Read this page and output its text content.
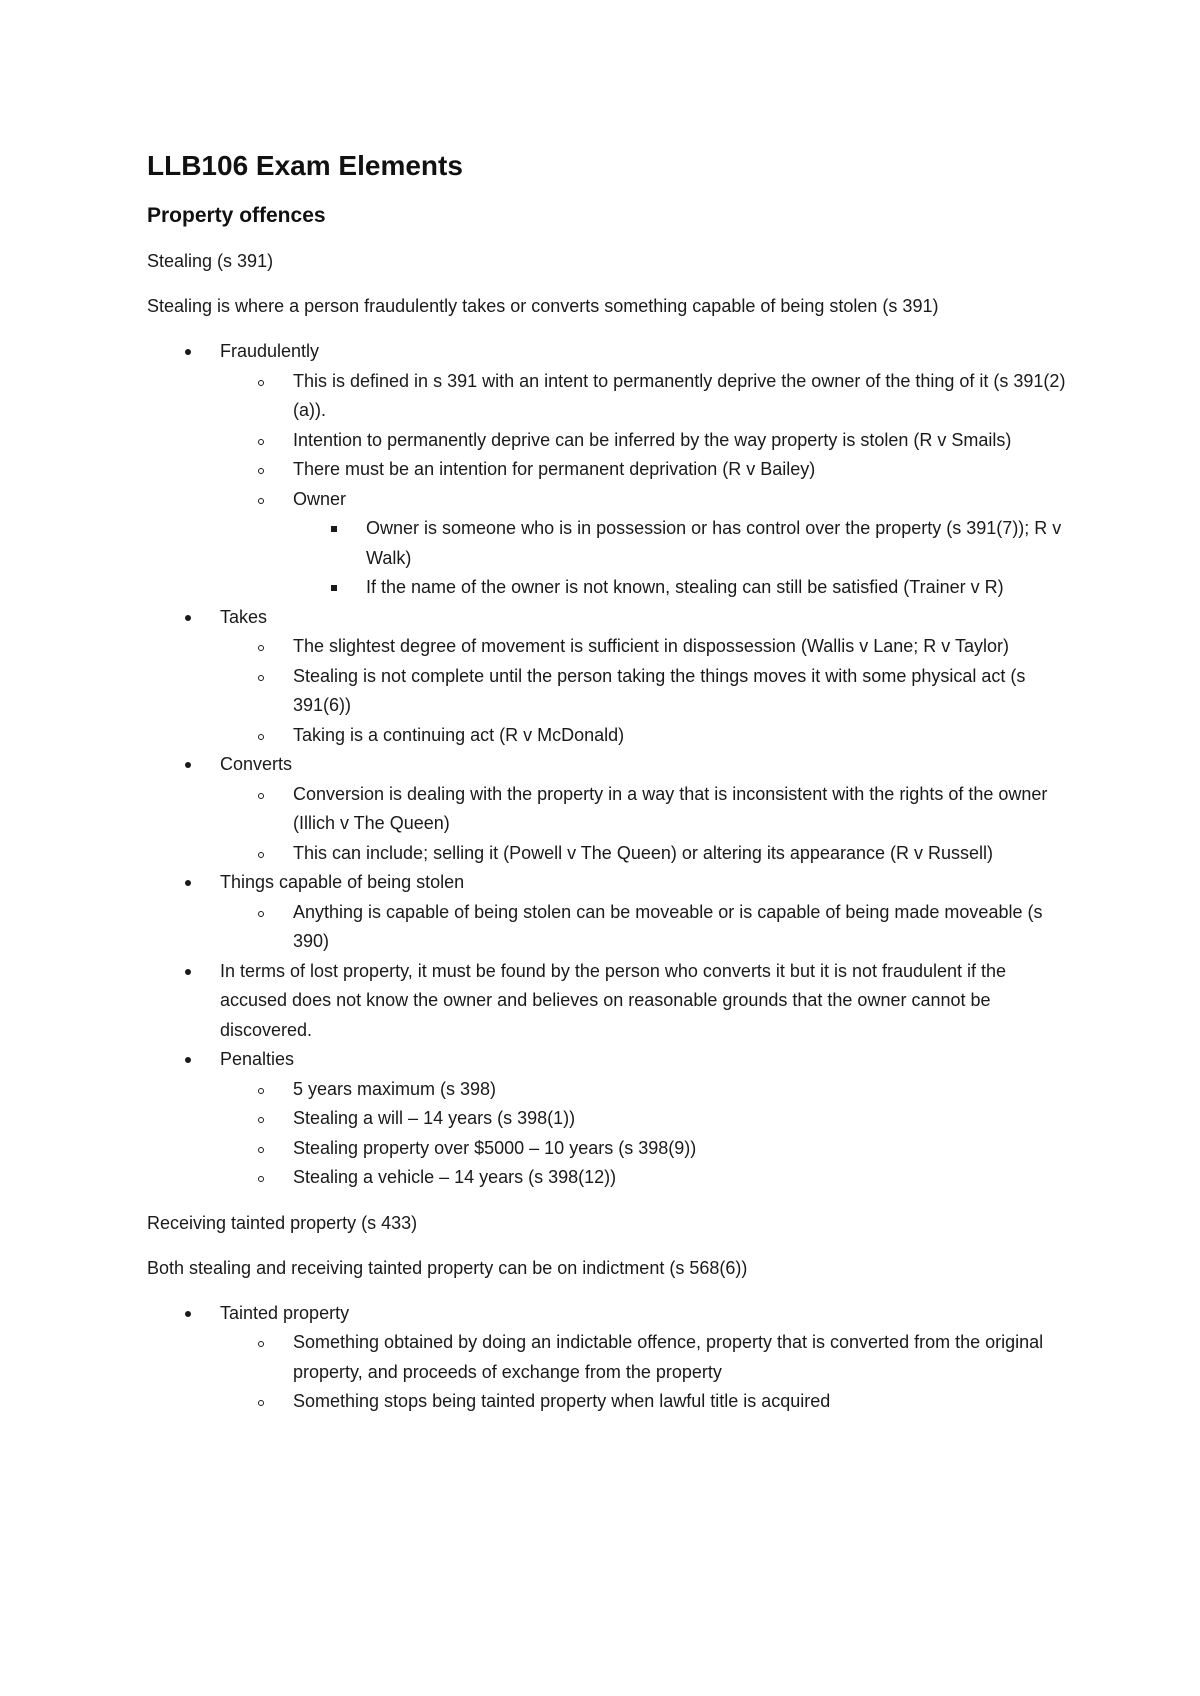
LLB106 Exam Elements
Property offences

Stealing (s 391)

Stealing is where a person fraudulently takes or converts something capable of being stolen (s 391)

Fraudulently
This is defined in s 391 with an intent to permanently deprive the owner of the thing of it (s 391(2)(a)).
Intention to permanently deprive can be inferred by the way property is stolen (R v Smails)
There must be an intention for permanent deprivation (R v Bailey)
Owner
Owner is someone who is in possession or has control over the property (s 391(7)); R v Walk)
If the name of the owner is not known, stealing can still be satisfied (Trainer v R)
Takes
The slightest degree of movement is sufficient in dispossession (Wallis v Lane; R v Taylor)
Stealing is not complete until the person taking the things moves it with some physical act (s 391(6))
Taking is a continuing act (R v McDonald)
Converts
Conversion is dealing with the property in a way that is inconsistent with the rights of the owner (Illich v The Queen)
This can include; selling it (Powell v The Queen) or altering its appearance (R v Russell)
Things capable of being stolen
Anything is capable of being stolen can be moveable or is capable of being made moveable (s 390)
In terms of lost property, it must be found by the person who converts it but it is not fraudulent if the accused does not know the owner and believes on reasonable grounds that the owner cannot be discovered.
Penalties
5 years maximum (s 398)
Stealing a will – 14 years (s 398(1))
Stealing property over $5000 – 10 years (s 398(9))
Stealing a vehicle – 14 years (s 398(12))

Receiving tainted property (s 433)

Both stealing and receiving tainted property can be on indictment (s 568(6))

Tainted property
Something obtained by doing an indictable offence, property that is converted from the original property, and proceeds of exchange from the property
Something stops being tainted property when lawful title is acquired
